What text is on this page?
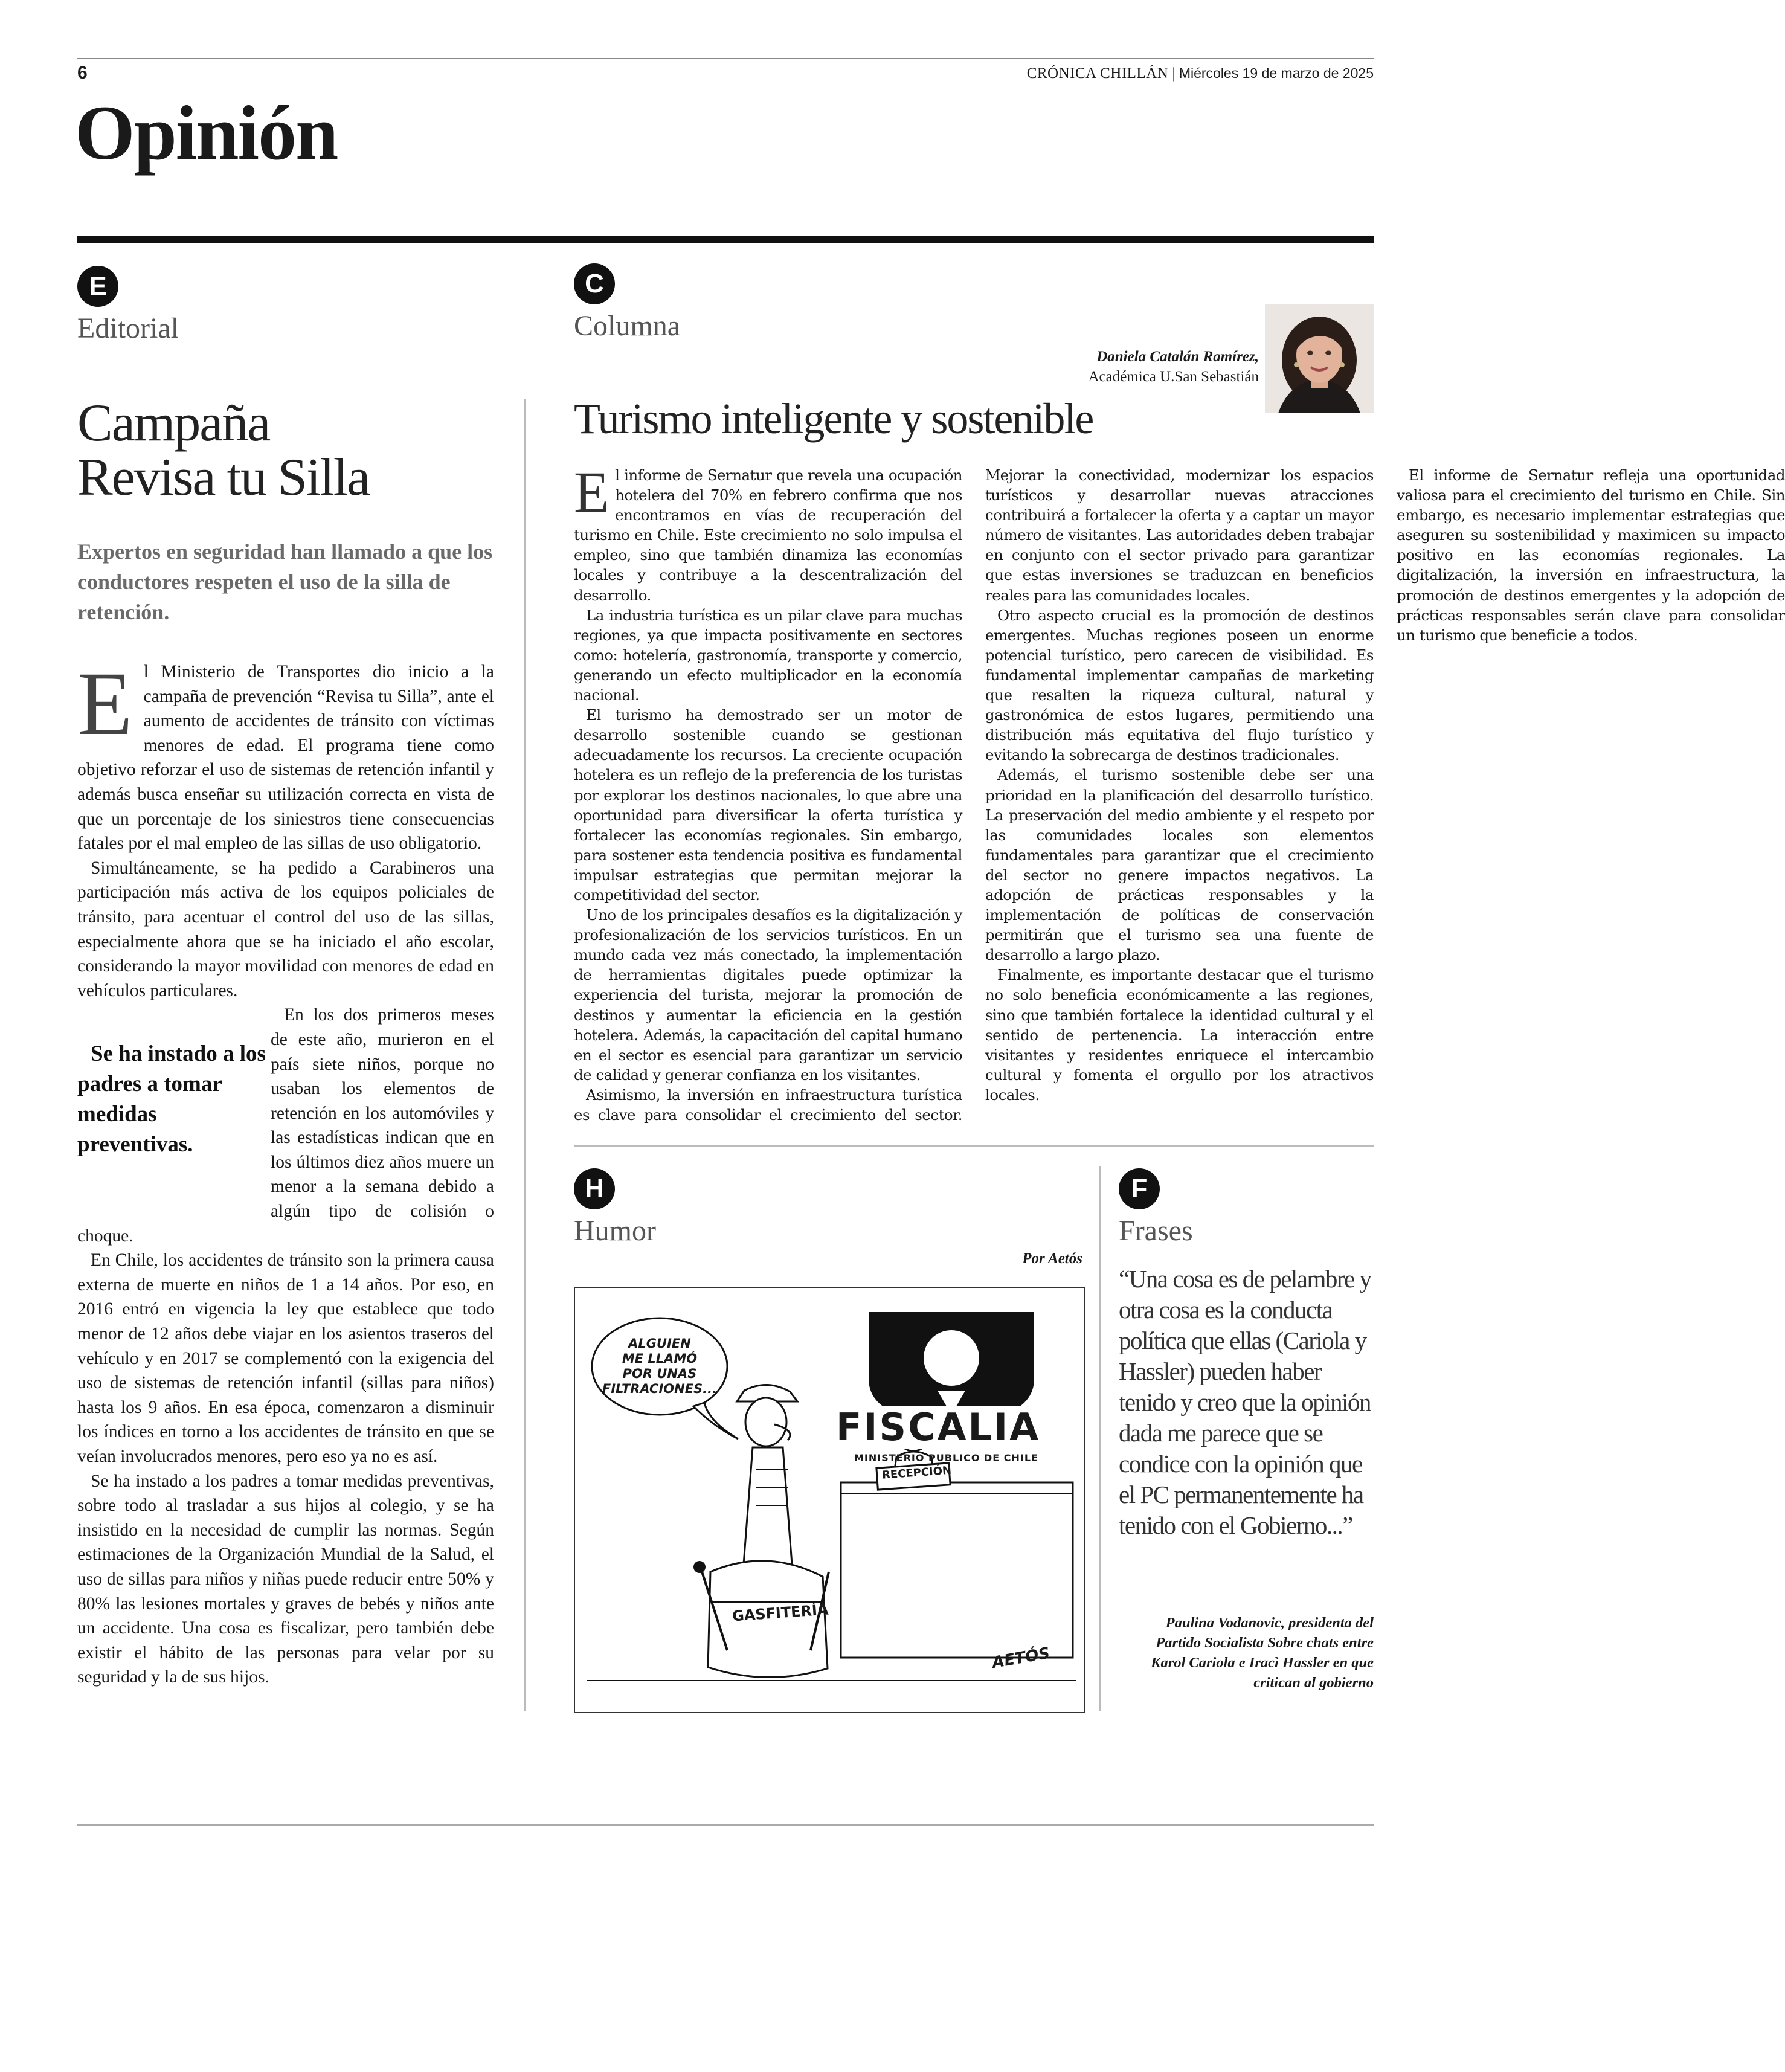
6	CRÓNICA CHILLÁN | Miércoles 19 de marzo de 2025
Opinión
E
Editorial
Campaña
Revisa tu Silla
Expertos en seguridad han llamado a que los conductores respeten el uso de la silla de retención.

El Ministerio de Transportes dio inicio a la campaña de prevención “Revisa tu Silla”, ante el aumento de accidentes de tránsito con víctimas menores de edad. El programa tiene como objetivo reforzar el uso de sistemas de retención infantil y además busca enseñar su utilización correcta en vista de que un porcentaje de los siniestros tiene consecuencias fatales por el mal empleo de las sillas de uso obligatorio.

Simultáneamente, se ha pedido a Carabineros una participación más activa de los equipos policiales de tránsito, para acentuar el control del uso de las sillas, especialmente ahora que se ha iniciado el año escolar, considerando la mayor movilidad con menores de edad en vehículos particulares.

Se ha instado a los padres a tomar medidas preventivas.
En los dos primeros meses de este año, murieron en el país siete niños, porque no usaban los elementos de retención en los automóviles y las estadísticas indican que en los últimos diez años muere un menor a la semana debido a algún tipo de colisión o choque.

En Chile, los accidentes de tránsito son la primera causa externa de muerte en niños de 1 a 14 años. Por eso, en 2016 entró en vigencia la ley que establece que todo menor de 12 años debe viajar en los asientos traseros del vehículo y en 2017 se complementó con la exigencia del uso de sistemas de retención infantil (sillas para niños) hasta los 9 años. En esa época, comenzaron a disminuir los índices en torno a los accidentes de tránsito en que se veían involucrados menores, pero eso ya no es así.

Se ha instado a los padres a tomar medidas preventivas, sobre todo al trasladar a sus hijos al colegio, y se ha insistido en la necesidad de cumplir las normas. Según estimaciones de la Organización Mundial de la Salud, el uso de sillas para niños y niñas puede reducir entre 50% y 80% las lesiones mortales y graves de bebés y niños ante un accidente. Una cosa es fiscalizar, pero también debe existir el hábito de las personas para velar por su seguridad y la de sus hijos.

C
Columna
Daniela Catalán Ramírez,
Académica U.San Sebastián
Turismo inteligente y sostenible

El informe de Sernatur que revela una ocupación hotelera del 70% en febrero confirma que nos encontramos en vías de recuperación del turismo en Chile. Este crecimiento no solo impulsa el empleo, sino que también dinamiza las economías locales y contribuye a la descentralización del desarrollo.

La industria turística es un pilar clave para muchas regiones, ya que impacta positivamente en sectores como: hotelería, gastronomía, transporte y comercio, generando un efecto multiplicador en la economía nacional.

El turismo ha demostrado ser un motor de desarrollo sostenible cuando se gestionan adecuadamente los recursos. La creciente ocupación hotelera es un reflejo de la preferencia de los turistas por explorar los destinos nacionales, lo que abre una oportunidad para diversificar la oferta turística y fortalecer las economías regionales. Sin embargo, para sostener esta tendencia positiva es fundamental impulsar estrategias que permitan mejorar la competitividad del sector.

Uno de los principales desafíos es la digitalización y profesionalización de los servicios turísticos. En un mundo cada vez más conectado, la implementación de herramientas digitales puede optimizar la experiencia del turista, mejorar la promoción de destinos y aumentar la eficiencia en la gestión hotelera. Además, la capacitación del capital humano en el sector es esencial para garantizar un servicio de calidad y generar confianza en los visitantes.

Asimismo, la inversión en infraestructura turística es clave para consolidar el crecimiento del sector. Mejorar la conectividad, modernizar los espacios turísticos y desarrollar nuevas atracciones contribuirá a fortalecer la oferta y a captar un mayor número de visitantes. Las autoridades deben trabajar en conjunto con el sector privado para garantizar que estas inversiones se traduzcan en beneficios reales para las comunidades locales.

Otro aspecto crucial es la promoción de destinos emergentes. Muchas regiones poseen un enorme potencial turístico, pero carecen de visibilidad. Es fundamental implementar campañas de marketing que resalten la riqueza cultural, natural y gastronómica de estos lugares, permitiendo una distribución más equitativa del flujo turístico y evitando la sobrecarga de destinos tradicionales.

Además, el turismo sostenible debe ser una prioridad en la planificación del desarrollo turístico. La preservación del medio ambiente y el respeto por las comunidades locales son elementos fundamentales para garantizar que el crecimiento del sector no genere impactos negativos. La adopción de prácticas responsables y la implementación de políticas de conservación permitirán que el turismo sea una fuente de desarrollo a largo plazo.

Finalmente, es importante destacar que el turismo no solo beneficia económicamente a las regiones, sino que también fortalece la identidad cultural y el sentido de pertenencia. La interacción entre visitantes y residentes enriquece el intercambio cultural y fomenta el orgullo por los atractivos locales.

El informe de Sernatur refleja una oportunidad valiosa para el crecimiento del turismo en Chile. Sin embargo, es necesario implementar estrategias que aseguren su sostenibilidad y maximicen su impacto positivo en las economías regionales. La digitalización, la inversión en infraestructura, la promoción de destinos emergentes y la adopción de prácticas responsables serán clave para consolidar un turismo que beneficie a todos.

H
Humor
Por Aetós
ALGUIEN
ME LLAMÓ
POR UNAS
FILTRACIONES...
FISCALIA
MINISTERIO PUBLICO DE CHILE
RECEPCIÓN
GASFITERÍA
AETÓS
F
Frases
“Una cosa es de pelambre y otra cosa es la conducta política que ellas (Cariola y Hassler) pueden haber tenido y creo que la opinión dada me parece que se condice con la opinión que el PC permanentemente ha tenido con el Gobierno...”
Paulina Vodanovic, presidenta del Partido Socialista Sobre chats entre Karol Cariola e Iracì Hassler en que critican al gobierno
